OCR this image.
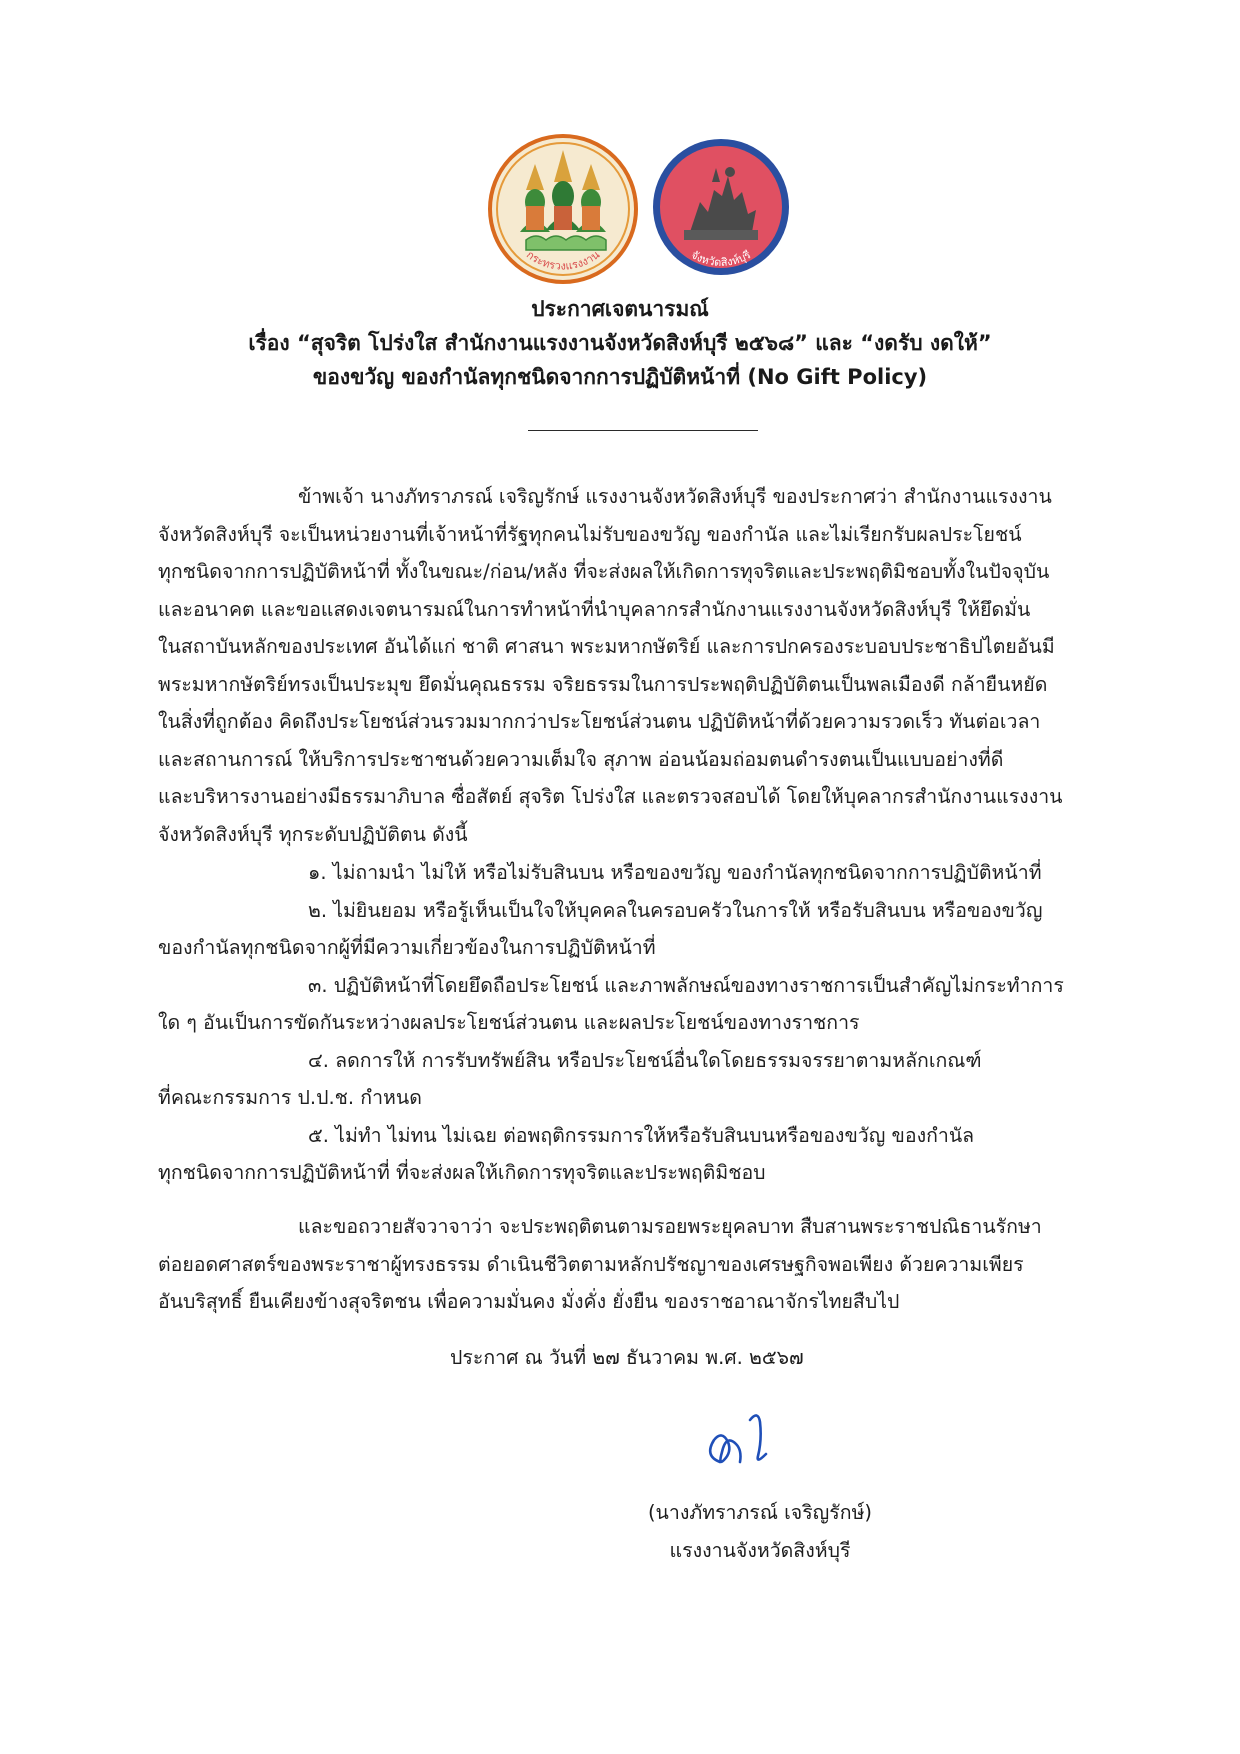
กระทรวงแรงงาน	จังหวัดสิงห์บุรี
ประกาศเจตนารมณ์
เรื่อง “สุจริต โปร่งใส สำนักงานแรงงานจังหวัดสิงห์บุรี ๒๕๖๘” และ “งดรับ งดให้”
ของขวัญ ของกำนัลทุกชนิดจากการปฏิบัติหน้าที่ (No Gift Policy)

ข้าพเจ้า นางภัทราภรณ์ เจริญรักษ์ แรงงานจังหวัดสิงห์บุรี ของประกาศว่า สำนักงานแรงงาน
จังหวัดสิงห์บุรี จะเป็นหน่วยงานที่เจ้าหน้าที่รัฐทุกคนไม่รับของขวัญ ของกำนัล และไม่เรียกรับผลประโยชน์
ทุกชนิดจากการปฏิบัติหน้าที่ ทั้งในขณะ/ก่อน/หลัง ที่จะส่งผลให้เกิดการทุจริตและประพฤติมิชอบทั้งในปัจจุบัน
และอนาคต และขอแสดงเจตนารมณ์ในการทำหน้าที่นำบุคลากรสำนักงานแรงงานจังหวัดสิงห์บุรี ให้ยึดมั่น
ในสถาบันหลักของประเทศ อันได้แก่ ชาติ ศาสนา พระมหากษัตริย์ และการปกครองระบอบประชาธิปไตยอันมี
พระมหากษัตริย์ทรงเป็นประมุข ยึดมั่นคุณธรรม จริยธรรมในการประพฤติปฏิบัติตนเป็นพลเมืองดี กล้ายืนหยัด
ในสิ่งที่ถูกต้อง คิดถึงประโยชน์ส่วนรวมมากกว่าประโยชน์ส่วนตน ปฏิบัติหน้าที่ด้วยความรวดเร็ว ทันต่อเวลา
และสถานการณ์ ให้บริการประชาชนด้วยความเต็มใจ สุภาพ อ่อนน้อมถ่อมตนดำรงตนเป็นแบบอย่างที่ดี
และบริหารงานอย่างมีธรรมาภิบาล ซื่อสัตย์ สุจริต โปร่งใส และตรวจสอบได้ โดยให้บุคลากรสำนักงานแรงงาน
จังหวัดสิงห์บุรี ทุกระดับปฏิบัติตน ดังนี้

๑. ไม่ถามนำ ไม่ให้ หรือไม่รับสินบน หรือของขวัญ ของกำนัลทุกชนิดจากการปฏิบัติหน้าที่

๒. ไม่ยินยอม หรือรู้เห็นเป็นใจให้บุคคลในครอบครัวในการให้ หรือรับสินบน หรือของขวัญ
ของกำนัลทุกชนิดจากผู้ที่มีความเกี่ยวข้องในการปฏิบัติหน้าที่

๓. ปฏิบัติหน้าที่โดยยึดถือประโยชน์ และภาพลักษณ์ของทางราชการเป็นสำคัญไม่กระทำการ
ใด ๆ อันเป็นการขัดกันระหว่างผลประโยชน์ส่วนตน และผลประโยชน์ของทางราชการ

๔. ลดการให้ การรับทรัพย์สิน หรือประโยชน์อื่นใดโดยธรรมจรรยาตามหลักเกณฑ์
ที่คณะกรรมการ ป.ป.ช. กำหนด

๕. ไม่ทำ ไม่ทน ไม่เฉย ต่อพฤติกรรมการให้หรือรับสินบนหรือของขวัญ ของกำนัล
ทุกชนิดจากการปฏิบัติหน้าที่ ที่จะส่งผลให้เกิดการทุจริตและประพฤติมิชอบ

และขอถวายสัจวาจาว่า จะประพฤติตนตามรอยพระยุคลบาท สืบสานพระราชปณิธานรักษา
ต่อยอดศาสตร์ของพระราชาผู้ทรงธรรม ดำเนินชีวิตตามหลักปรัชญาของเศรษฐกิจพอเพียง ด้วยความเพียร
อันบริสุทธิ์ ยืนเคียงข้างสุจริตชน เพื่อความมั่นคง มั่งคั่ง ยั่งยืน ของราชอาณาจักรไทยสืบไป

ประกาศ ณ วันที่ ๒๗ ธันวาคม พ.ศ. ๒๕๖๗
(นางภัทราภรณ์ เจริญรักษ์)
แรงงานจังหวัดสิงห์บุรี
